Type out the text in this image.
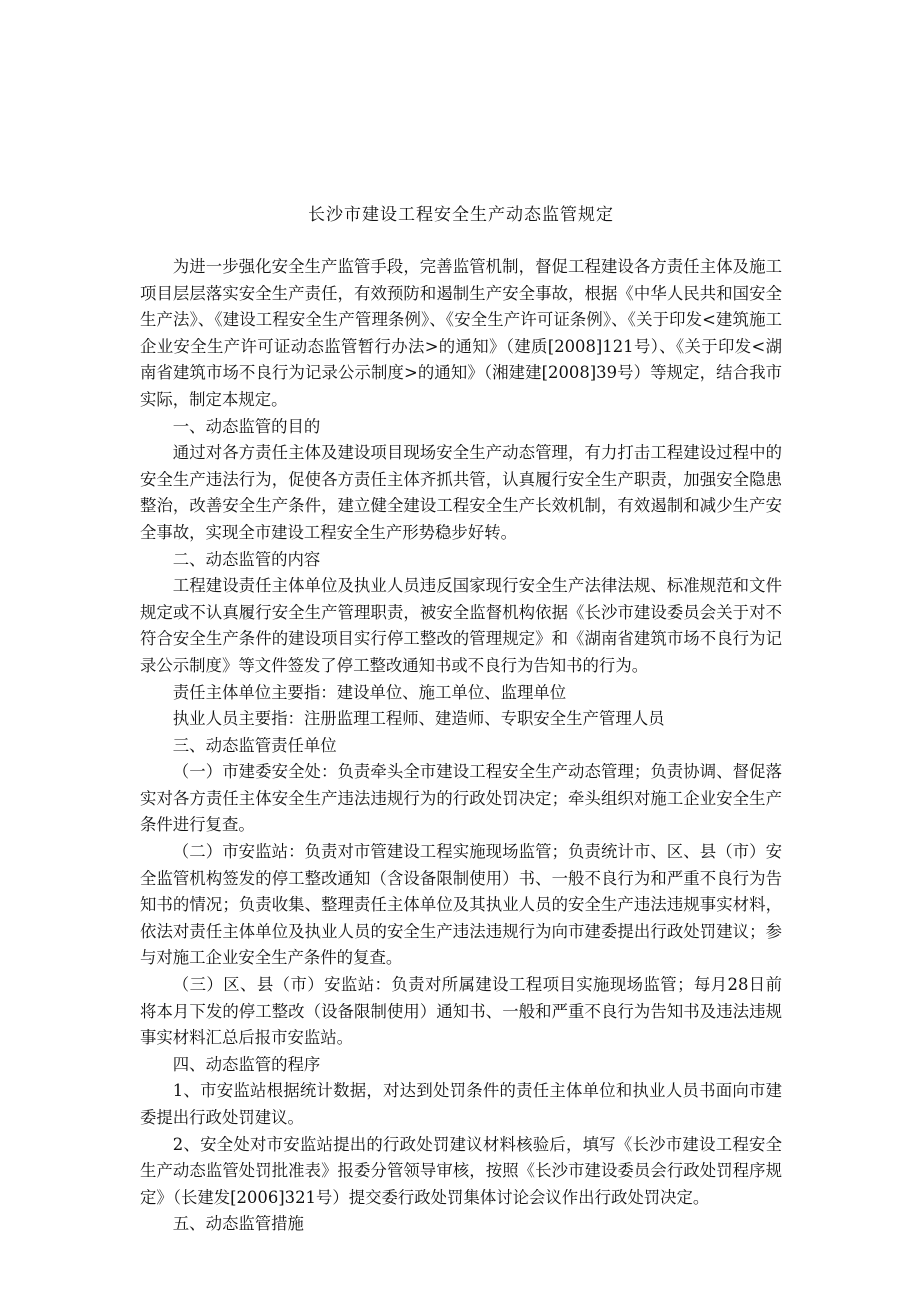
长沙市建设工程安全生产动态监管规定

为进一步强化安全生产监管手段，完善监管机制，督促工程建设各方责任主体及施工项目层层落实安全生产责任，有效预防和遏制生产安全事故，根据《中华人民共和国安全生产法》、《建设工程安全生产管理条例》、《安全生产许可证条例》、《关于印发<建筑施工企业安全生产许可证动态监管暂行办法>的通知》（建质[2008]121号）、《关于印发<湖南省建筑市场不良行为记录公示制度>的通知》（湘建建[2008]39号）等规定，结合我市实际，制定本规定。

一、动态监管的目的

通过对各方责任主体及建设项目现场安全生产动态管理，有力打击工程建设过程中的安全生产违法行为，促使各方责任主体齐抓共管，认真履行安全生产职责，加强安全隐患整治，改善安全生产条件，建立健全建设工程安全生产长效机制，有效遏制和减少生产安全事故，实现全市建设工程安全生产形势稳步好转。

二、动态监管的内容

工程建设责任主体单位及执业人员违反国家现行安全生产法律法规、标准规范和文件规定或不认真履行安全生产管理职责，被安全监督机构依据《长沙市建设委员会关于对不符合安全生产条件的建设项目实行停工整改的管理规定》和《湖南省建筑市场不良行为记录公示制度》等文件签发了停工整改通知书或不良行为告知书的行为。

责任主体单位主要指：建设单位、施工单位、监理单位

执业人员主要指：注册监理工程师、建造师、专职安全生产管理人员

三、动态监管责任单位

（一）市建委安全处：负责牵头全市建设工程安全生产动态管理；负责协调、督促落实对各方责任主体安全生产违法违规行为的行政处罚决定；牵头组织对施工企业安全生产条件进行复查。

（二）市安监站：负责对市管建设工程实施现场监管；负责统计市、区、县（市）安全监管机构签发的停工整改通知（含设备限制使用）书、一般不良行为和严重不良行为告知书的情况；负责收集、整理责任主体单位及其执业人员的安全生产违法违规事实材料，依法对责任主体单位及执业人员的安全生产违法违规行为向市建委提出行政处罚建议；参与对施工企业安全生产条件的复查。

（三）区、县（市）安监站：负责对所属建设工程项目实施现场监管；每月28日前将本月下发的停工整改（设备限制使用）通知书、一般和严重不良行为告知书及违法违规事实材料汇总后报市安监站。

四、动态监管的程序

1、市安监站根据统计数据，对达到处罚条件的责任主体单位和执业人员书面向市建委提出行政处罚建议。

2、安全处对市安监站提出的行政处罚建议材料核验后，填写《长沙市建设工程安全生产动态监管处罚批准表》报委分管领导审核，按照《长沙市建设委员会行政处罚程序规定》（长建发[2006]321号）提交委行政处罚集体讨论会议作出行政处罚决定。

五、动态监管措施
